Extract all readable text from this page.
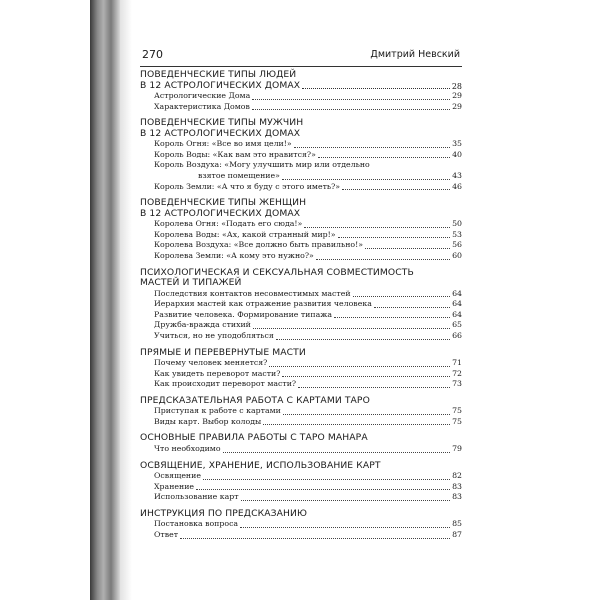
270	Дмитрий Невский
ПОВЕДЕНЧЕСКИЕ ТИПЫ ЛЮДЕЙ
В 12 АСТРОЛОГИЧЕСКИХ ДОМАХ	28
Астрологические Дома	29
Характеристика Домов	29
ПОВЕДЕНЧЕСКИЕ ТИПЫ МУЖЧИН
В 12 АСТРОЛОГИЧЕСКИХ ДОМАХ
Король Огня: «Все во имя цели!»	35
Король Воды: «Как вам это нравится?»	40
Король Воздуха: «Могу улучшить мир или отдельно
взятое помещение»	43
Король Земли: «А что я буду с этого иметь?»	46
ПОВЕДЕНЧЕСКИЕ ТИПЫ ЖЕНЩИН
В 12 АСТРОЛОГИЧЕСКИХ ДОМАХ
Королева Огня: «Подать его сюда!»	50
Королева Воды: «Ах, какой странный мир!»	53
Королева Воздуха: «Все должно быть правильно!»	56
Королева Земли: «А кому это нужно?»	60
ПСИХОЛОГИЧЕСКАЯ И СЕКСУАЛЬНАЯ СОВМЕСТИМОСТЬ
МАСТЕЙ И ТИПАЖЕЙ
Последствия контактов несовместимых мастей	64
Иерархия мастей как отражение развития человека	64
Развитие человека. Формирование типажа	64
Дружба-вражда стихий	65
Учиться, но не уподобляться	66
ПРЯМЫЕ И ПЕРЕВЕРНУТЫЕ МАСТИ
Почему человек меняется?	71
Как увидеть переворот масти?	72
Как происходит переворот масти?	73
ПРЕДСКАЗАТЕЛЬНАЯ РАБОТА С КАРТАМИ ТАРО
Приступая к работе с картами	75
Виды карт. Выбор колоды	75
ОСНОВНЫЕ ПРАВИЛА РАБОТЫ С ТАРО МАНАРА
Что необходимо	79
ОСВЯЩЕНИЕ, ХРАНЕНИЕ, ИСПОЛЬЗОВАНИЕ КАРТ
Освящение	82
Хранение	83
Использование карт	83
ИНСТРУКЦИЯ ПО ПРЕДСКАЗАНИЮ
Постановка вопроса	85
Ответ	87
